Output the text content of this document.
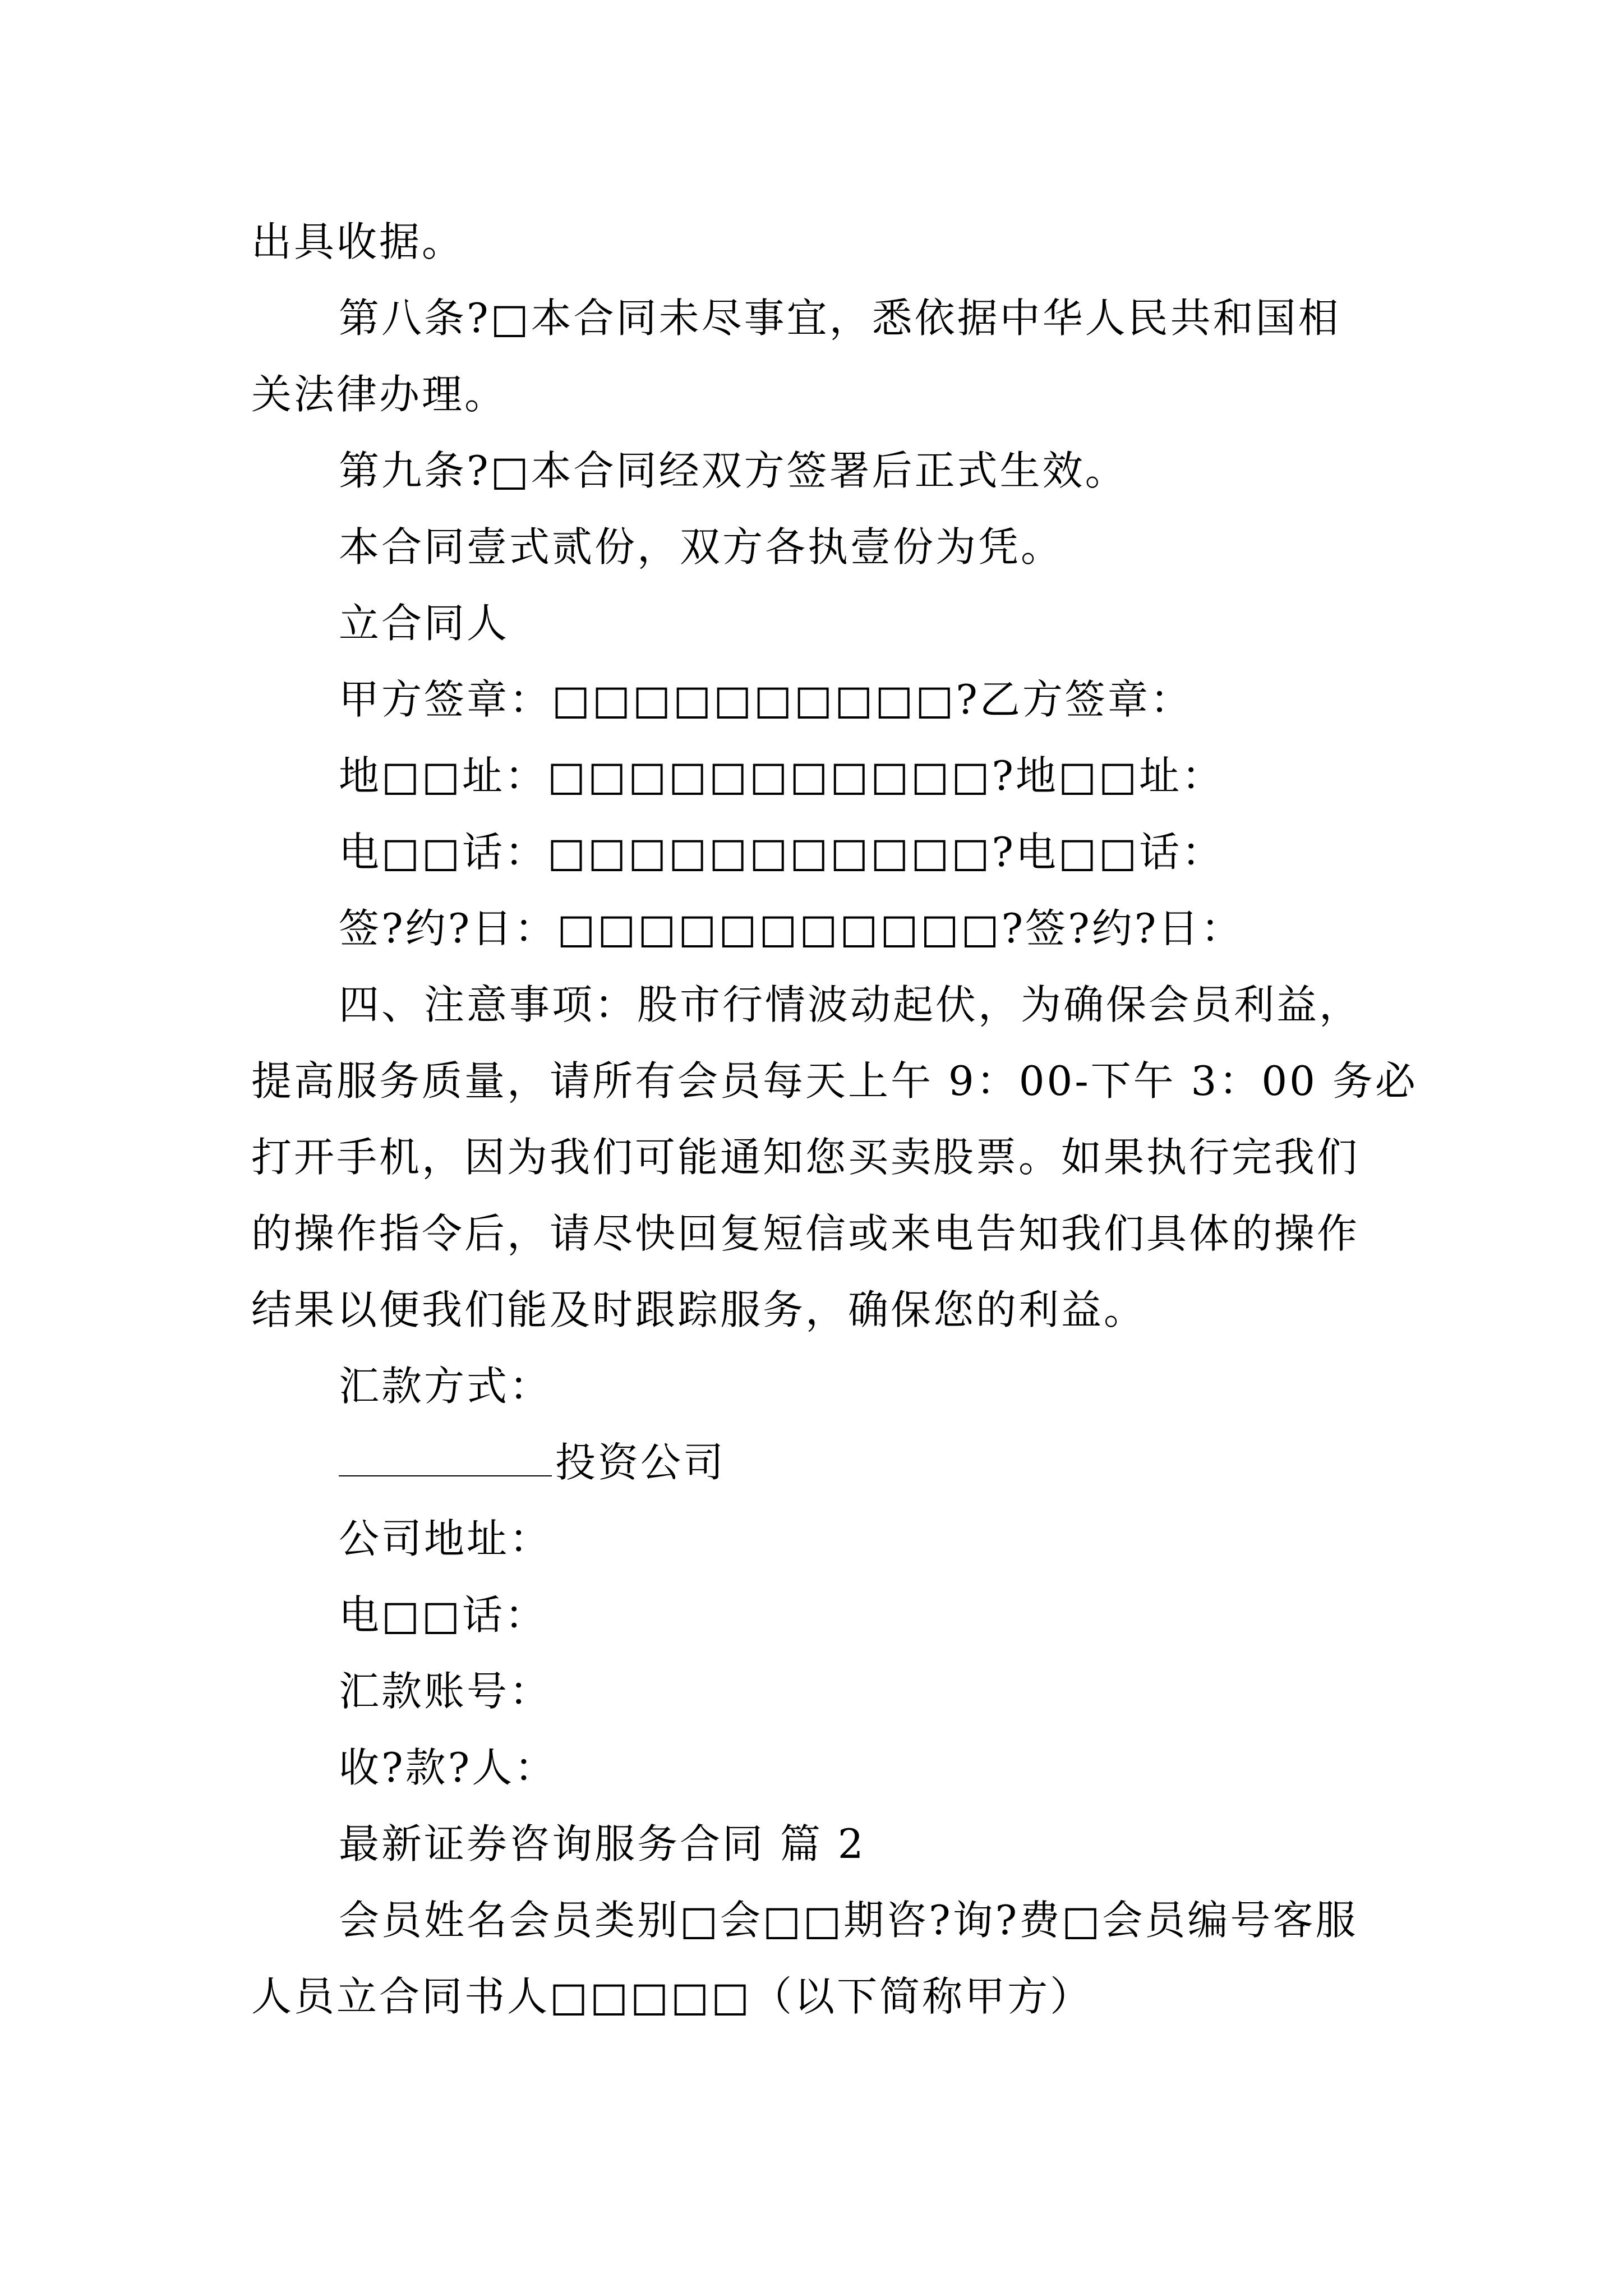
出具收据。
第八条?□本合同未尽事宜，悉依据中华人民共和国相
关法律办理。
第九条?□本合同经双方签署后正式生效。
本合同壹式贰份，双方各执壹份为凭。
立合同人
甲方签章：□□□□□□□□□□?乙方签章：
地□□址：□□□□□□□□□□□?地□□址：
电□□话：□□□□□□□□□□□?电□□话：
签?约?日：□□□□□□□□□□□?签?约?日：
四、注意事项：股市行情波动起伏，为确保会员利益，
提高服务质量，请所有会员每天上午 9：00-下午 3：00 务必
打开手机，因为我们可能通知您买卖股票。如果执行完我们
的操作指令后，请尽快回复短信或来电告知我们具体的操作
结果以便我们能及时跟踪服务，确保您的利益。
汇款方式：
投资公司
公司地址：
电□□话：
汇款账号：
收?款?人：
最新证券咨询服务合同 篇 2
会员姓名会员类别□会□□期咨?询?费□会员编号客服
人员立合同书人□□□□□（以下简称甲方）
